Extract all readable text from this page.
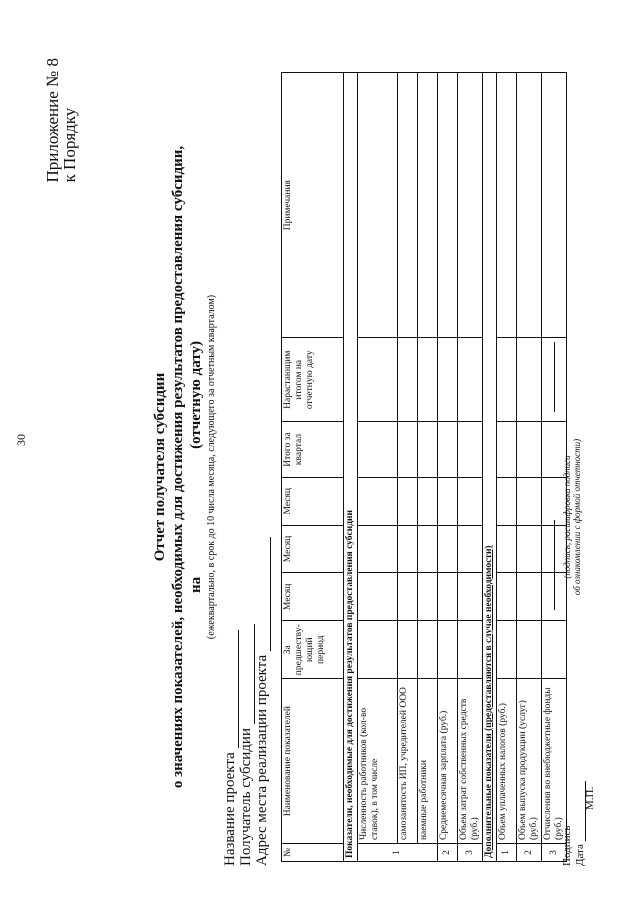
30
Приложение № 8
к Порядку
Отчет получателя субсидии о значениях показателей, необходимых для достижения результатов предоставления субсидии, на(отчетную дату) (ежеквартально, в срок до 10 числа месяца, следующего за отчетным кварталом)
Название проекта Получатель субсидии Адрес места реализации проекта №	Наименование показателей	За предшеству-ющий период	Месяц	Месяц	Месяц	Итого за квартал	Нарастающим итогом на отчетную дату	Примечания
Показатели, необходимые для достижения результатов предоставления субсидии								
1	Численность работников (кол-во ставок), в том числе							
	самозанятость ИП, учредителей ООО							
	наемные работники							
2	Среднемесячная зарплата (руб.)							
3	Объем затрат собственных средств (руб.)							
Дополнительные показатели (предоставляются в случае необходимости)								
1	Объем уплаченных налогов (руб.)							
2	Объем выпуска продукции (услуг) (руб.)							
3	Отчисления во внебюджетные фонды (руб.)							
Подпись Дата
М.П.
(подпись, расшифровка подписи об ознакомлении с формой отчетности)
